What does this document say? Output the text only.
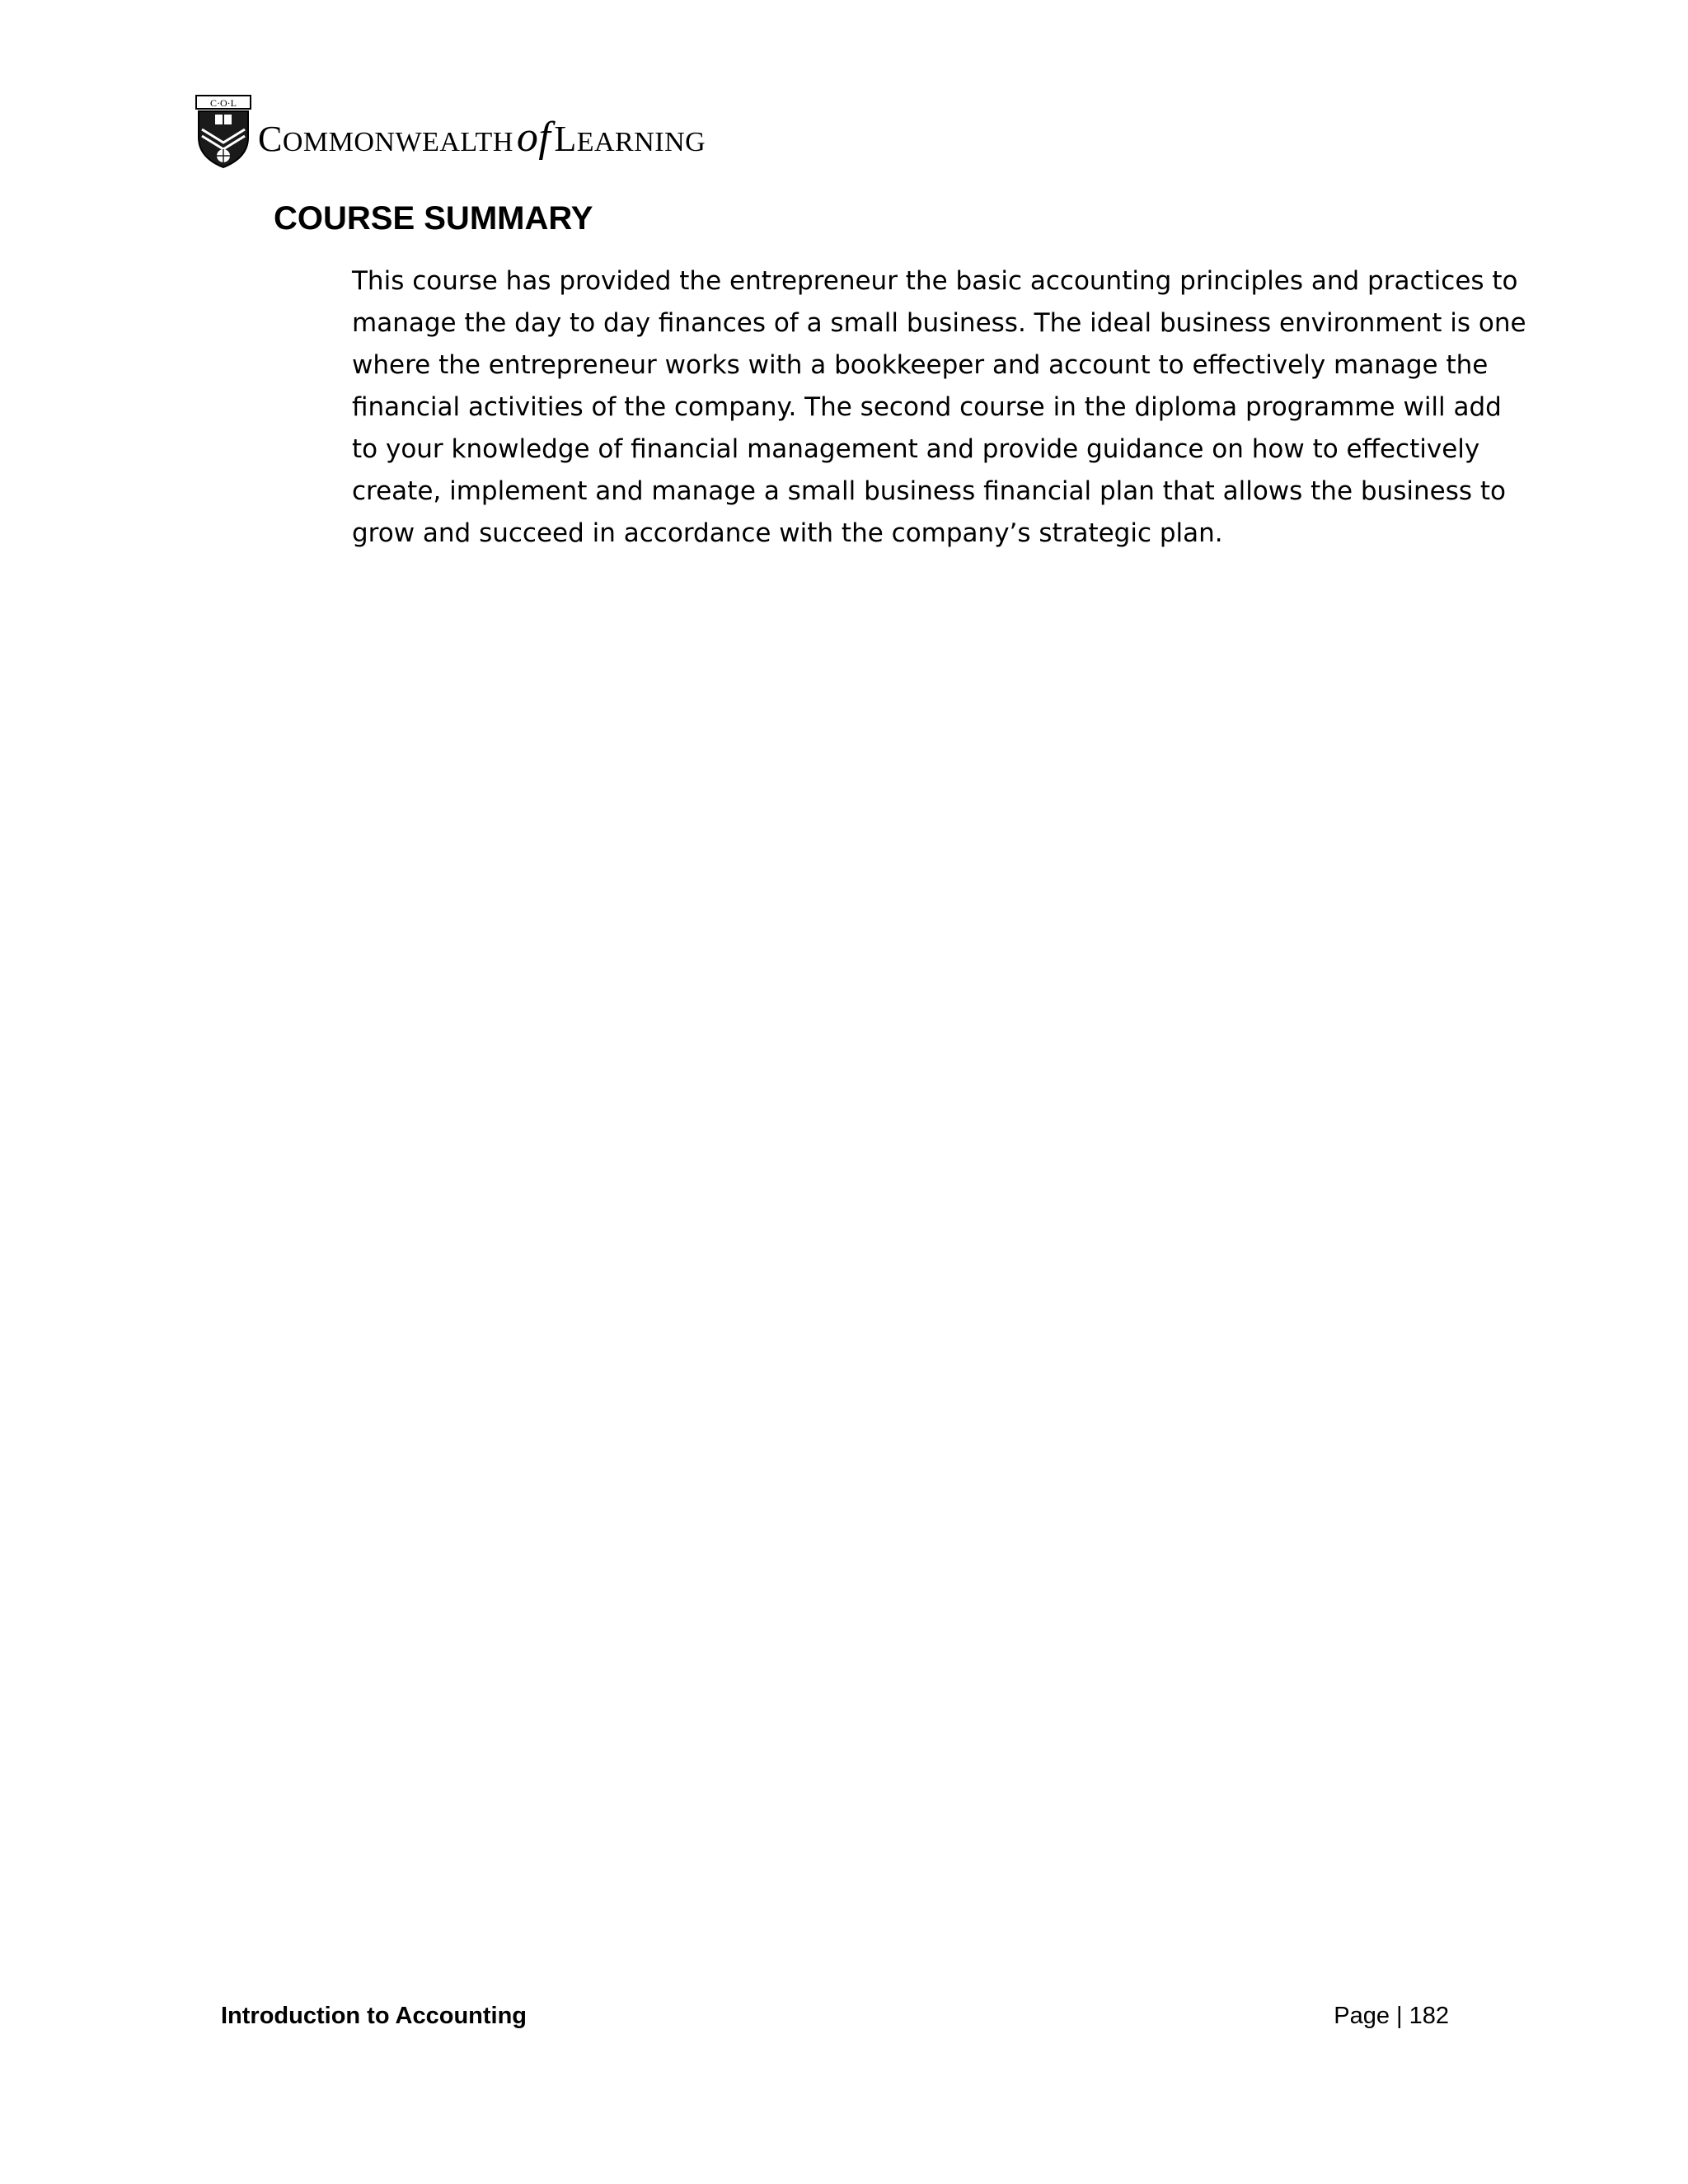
C·O·L
COMMONWEALTHofLEARNING
COURSE SUMMARY

This course has provided the entrepreneur the basic accounting principles and practices to
manage the day to day finances of a small business. The ideal business environment is one
where the entrepreneur works with a bookkeeper and account to effectively manage the
financial activities of the company. The second course in the diploma programme will add
to your knowledge of financial management and provide guidance on how to effectively
create, implement and manage a small business financial plan that allows the business to
grow and succeed in accordance with the company’s strategic plan.

Introduction to Accounting	Page | 182
